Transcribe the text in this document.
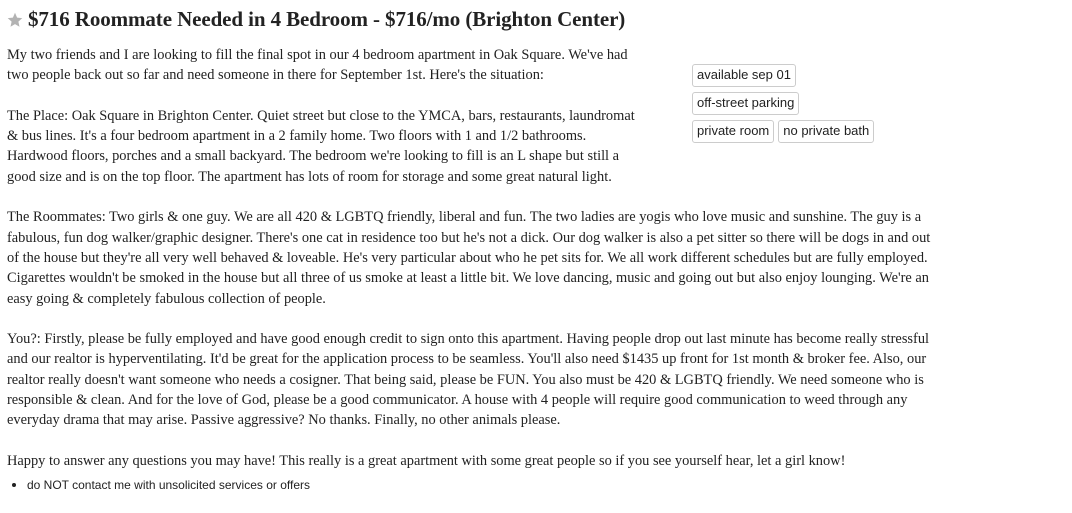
$716 Roommate Needed in 4 Bedroom - $716/mo (Brighton Center)
available sep 01
off-street parking
private room	no private bath

My two friends and I are looking to fill the final spot in our 4 bedroom apartment in Oak Square. We've had
two people back out so far and need someone in there for September 1st. Here's the situation:

The Place: Oak Square in Brighton Center. Quiet street but close to the YMCA, bars, restaurants, laundromat
& bus lines. It's a four bedroom apartment in a 2 family home. Two floors with 1 and 1/2 bathrooms.
Hardwood floors, porches and a small backyard. The bedroom we're looking to fill is an L shape but still a
good size and is on the top floor. The apartment has lots of room for storage and some great natural light.

The Roommates: Two girls & one guy. We are all 420 & LGBTQ friendly, liberal and fun. The two ladies are yogis who love music and sunshine. The guy is a
fabulous, fun dog walker/graphic designer. There's one cat in residence too but he's not a dick. Our dog walker is also a pet sitter so there will be dogs in and out
of the house but they're all very well behaved & loveable. He's very particular about who he pet sits for. We all work different schedules but are fully employed.
Cigarettes wouldn't be smoked in the house but all three of us smoke at least a little bit. We love dancing, music and going out but also enjoy lounging. We're an
easy going & completely fabulous collection of people.

You?: Firstly, please be fully employed and have good enough credit to sign onto this apartment. Having people drop out last minute has become really stressful
and our realtor is hyperventilating. It'd be great for the application process to be seamless. You'll also need $1435 up front for 1st month & broker fee. Also, our
realtor really doesn't want someone who needs a cosigner. That being said, please be FUN. You also must be 420 & LGBTQ friendly. We need someone who is
responsible & clean. And for the love of God, please be a good communicator. A house with 4 people will require good communication to weed through any
everyday drama that may arise. Passive aggressive? No thanks. Finally, no other animals please.

Happy to answer any questions you may have! This really is a great apartment with some great people so if you see yourself hear, let a girl know!

do NOT contact me with unsolicited services or offers
